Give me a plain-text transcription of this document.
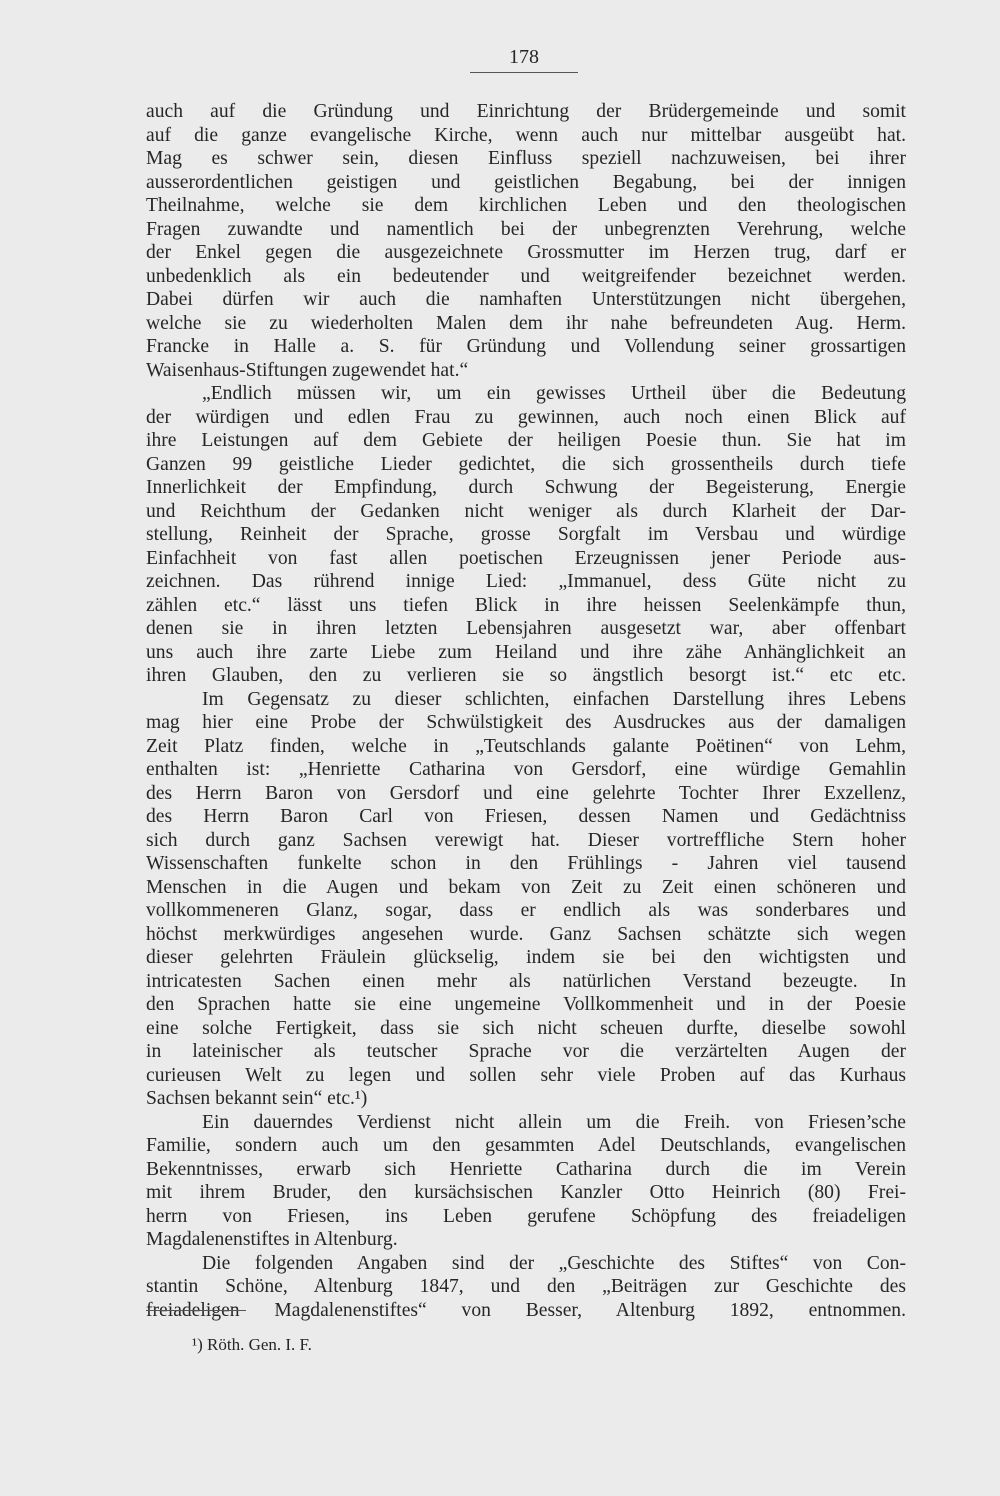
178
auch auf die Gründung und Einrichtung der Brüdergemeinde und somit
auf die ganze evangelische Kirche, wenn auch nur mittelbar ausgeübt hat.
Mag es schwer sein, diesen Einfluss speziell nachzuweisen, bei ihrer
ausserordentlichen geistigen und geistlichen Begabung, bei der innigen
Theilnahme, welche sie dem kirchlichen Leben und den theologischen
Fragen zuwandte und namentlich bei der unbegrenzten Verehrung, welche
der Enkel gegen die ausgezeichnete Grossmutter im Herzen trug, darf er
unbedenklich als ein bedeutender und weitgreifender bezeichnet werden.
Dabei dürfen wir auch die namhaften Unterstützungen nicht übergehen,
welche sie zu wiederholten Malen dem ihr nahe befreundeten Aug. Herm.
Francke in Halle a. S. für Gründung und Vollendung seiner grossartigen
Waisenhaus-Stiftungen zugewendet hat.“
„Endlich müssen wir, um ein gewisses Urtheil über die Bedeutung
der würdigen und edlen Frau zu gewinnen, auch noch einen Blick auf
ihre Leistungen auf dem Gebiete der heiligen Poesie thun. Sie hat im
Ganzen 99 geistliche Lieder gedichtet, die sich grossentheils durch tiefe
Innerlichkeit der Empfindung, durch Schwung der Begeisterung, Energie
und Reichthum der Gedanken nicht weniger als durch Klarheit der Dar-
stellung, Reinheit der Sprache, grosse Sorgfalt im Versbau und würdige
Einfachheit von fast allen poetischen Erzeugnissen jener Periode aus-
zeichnen. Das rührend innige Lied: „Immanuel, dess Güte nicht zu
zählen etc.“ lässt uns tiefen Blick in ihre heissen Seelenkämpfe thun,
denen sie in ihren letzten Lebensjahren ausgesetzt war, aber offenbart
uns auch ihre zarte Liebe zum Heiland und ihre zähe Anhänglichkeit an
ihren Glauben, den zu verlieren sie so ängstlich besorgt ist.“ etc etc.
Im Gegensatz zu dieser schlichten, einfachen Darstellung ihres Lebens
mag hier eine Probe der Schwülstigkeit des Ausdruckes aus der damaligen
Zeit Platz finden, welche in „Teutschlands galante Poëtinen“ von Lehm,
enthalten ist: „Henriette Catharina von Gersdorf, eine würdige Gemahlin
des Herrn Baron von Gersdorf und eine gelehrte Tochter Ihrer Exzellenz,
des Herrn Baron Carl von Friesen, dessen Namen und Gedächtniss
sich durch ganz Sachsen verewigt hat. Dieser vortreffliche Stern hoher
Wissenschaften funkelte schon in den Frühlings - Jahren viel tausend
Menschen in die Augen und bekam von Zeit zu Zeit einen schöneren und
vollkommeneren Glanz, sogar, dass er endlich als was sonderbares und
höchst merkwürdiges angesehen wurde. Ganz Sachsen schätzte sich wegen
dieser gelehrten Fräulein glückselig, indem sie bei den wichtigsten und
intricatesten Sachen einen mehr als natürlichen Verstand bezeugte. In
den Sprachen hatte sie eine ungemeine Vollkommenheit und in der Poesie
eine solche Fertigkeit, dass sie sich nicht scheuen durfte, dieselbe sowohl
in lateinischer als teutscher Sprache vor die verzärtelten Augen der
curieusen Welt zu legen und sollen sehr viele Proben auf das Kurhaus
Sachsen bekannt sein“ etc.¹)
Ein dauerndes Verdienst nicht allein um die Freih. von Friesen’sche
Familie, sondern auch um den gesammten Adel Deutschlands, evangelischen
Bekenntnisses, erwarb sich Henriette Catharina durch die im Verein
mit ihrem Bruder, den kursächsischen Kanzler Otto Heinrich (80) Frei-
herrn von Friesen, ins Leben gerufene Schöpfung des freiadeligen
Magdalenenstiftes in Altenburg.
Die folgenden Angaben sind der „Geschichte des Stiftes“ von Con-
stantin Schöne, Altenburg 1847, und den „Beiträgen zur Geschichte des
freiadeligen Magdalenenstiftes“ von Besser, Altenburg 1892, entnommen.
¹) Röth. Gen. I. F.
